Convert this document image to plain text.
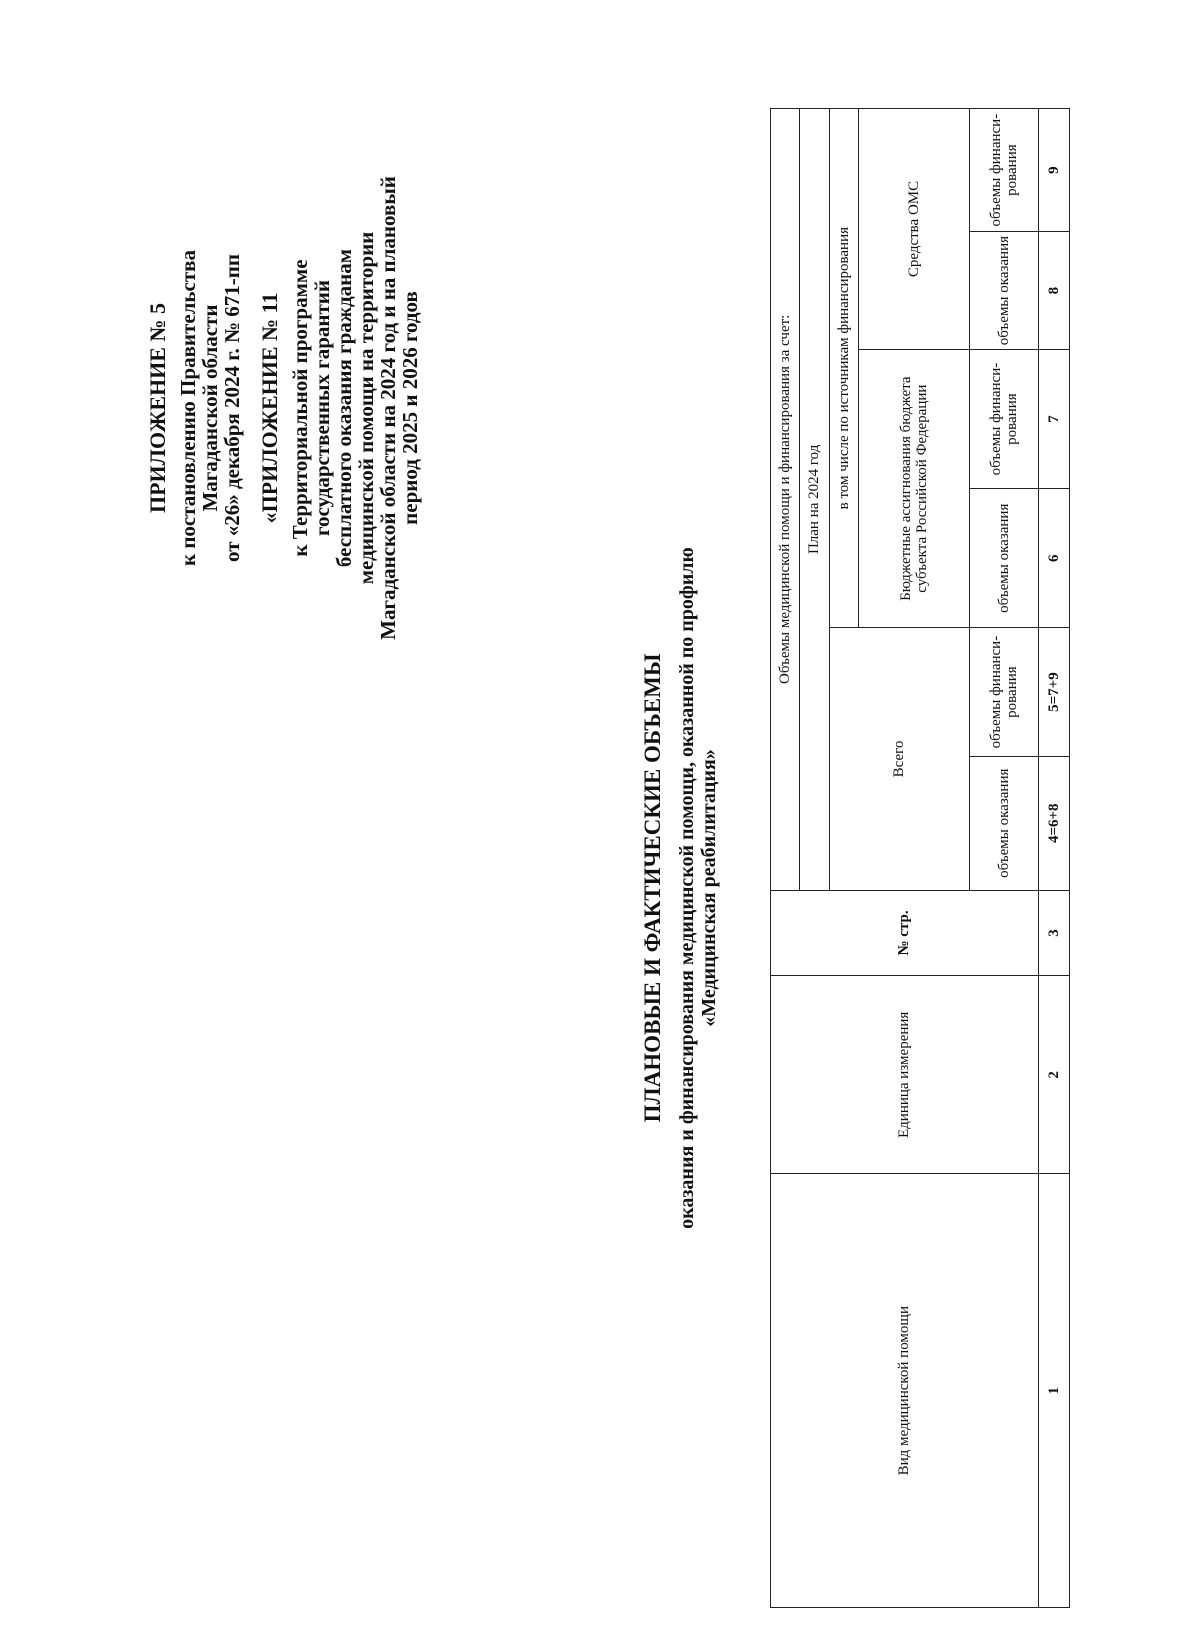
ПРИЛОЖЕНИЕ № 5 к постановлению Правительства
Магаданской области
от «26» декабря 2024 г. № 671-пп «ПРИЛОЖЕНИЕ № 11 к Территориальной программе
государственных гарантий
бесплатного оказания гражданам
медицинской помощи на территории
Магаданской области на 2024 год и на плановый
период 2025 и 2026 годов
ПЛАНОВЫЕ И ФАКТИЧЕСКИЕ ОБЪЕМЫ оказания и финансирования медицинской помощи, оказанной по профилю «Медицинская реабилитация»
Вид медицинской помощи	Единица измерения	№ стр.	Объемы медицинской помощи и финансирования за счет:					
			План на 2024 год					
			Всего		в том числе по источникам финансирования			
					Бюджетные ассигнования бюджета субъекта Российской Федерации		Средства ОМС	
			объемы оказания	объемы финанси-рования	объемы оказания	объемы финанси-рования	объемы оказания	объемы финанси-рования
1	2	3	4=6+8	5=7+9	6	7	8	9
